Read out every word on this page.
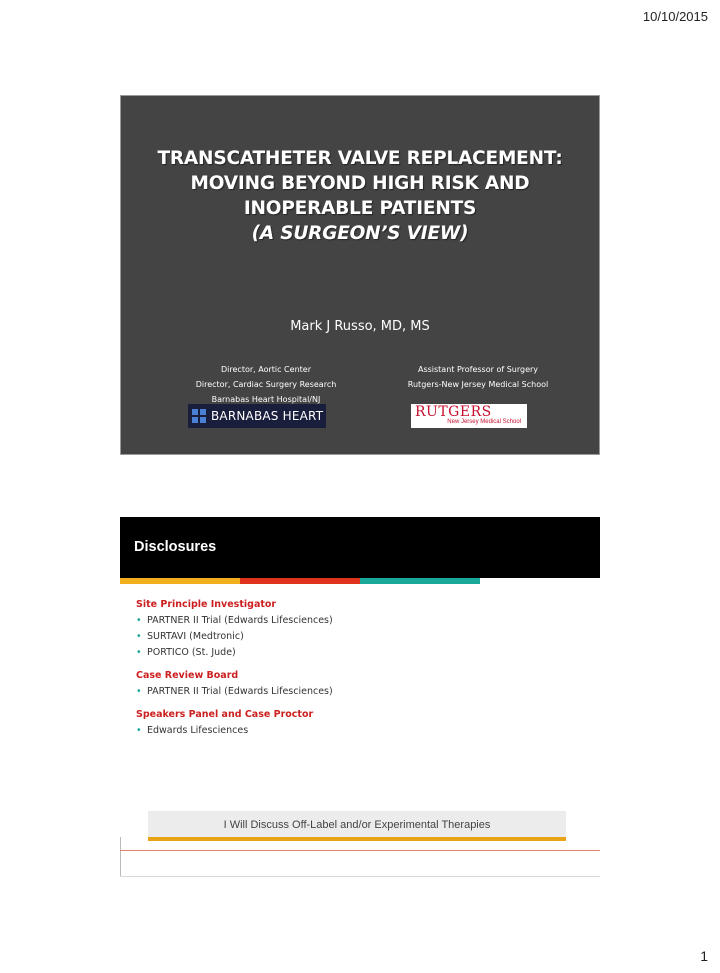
10/10/2015
TRANSCATHETER VALVE REPLACEMENT:
MOVING BEYOND HIGH RISK AND
INOPERABLE PATIENTS
(A SURGEON’S VIEW)
Mark J Russo, MD, MS
Director, Aortic Center
Director, Cardiac Surgery Research
Barnabas Heart Hospital/NJ
Assistant Professor of Surgery
Rutgers-New Jersey Medical School
BARNABAS HEART	RUTGERS
New Jersey Medical School
Disclosures
Site Principle Investigator
• PARTNER II Trial (Edwards Lifesciences)
• SURTAVI (Medtronic)
• PORTICO (St. Jude)
Case Review Board
• PARTNER II Trial (Edwards Lifesciences)
Speakers Panel and Case Proctor
• Edwards Lifesciences
I Will Discuss Off-Label and/or Experimental Therapies
1
